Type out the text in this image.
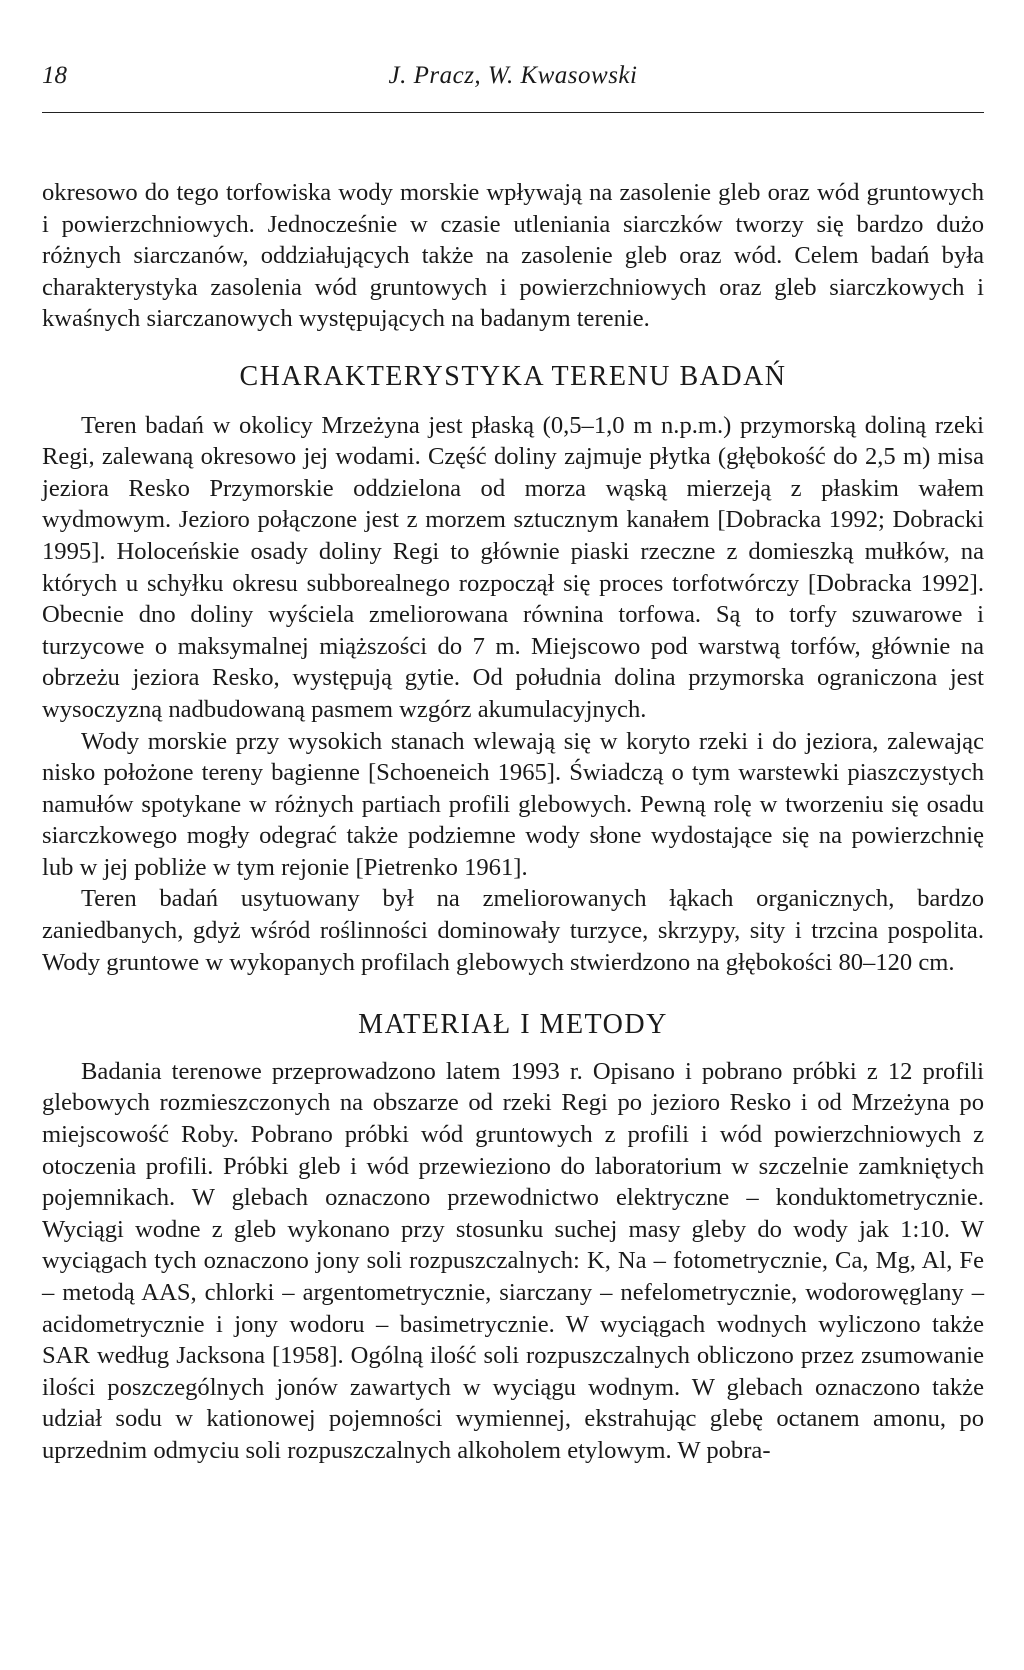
18	J. Pracz, W. Kwasowski

okresowo do tego torfowiska wody morskie wpływają na zasolenie gleb oraz wód gruntowych i powierzchniowych. Jednocześnie w czasie utleniania siarczków tworzy się bardzo dużo różnych siarczanów, oddziałujących także na zasolenie gleb oraz wód. Celem badań była charakterystyka zasolenia wód gruntowych i powierzchniowych oraz gleb siarczkowych i kwaśnych siarczanowych występujących na badanym terenie.

CHARAKTERYSTYKA TERENU BADAŃ

Teren badań w okolicy Mrzeżyna jest płaską (0,5–1,0 m n.p.m.) przymorską doliną rzeki Regi, zalewaną okresowo jej wodami. Część doliny zajmuje płytka (głębokość do 2,5 m) misa jeziora Resko Przymorskie oddzielona od morza wąską mierzeją z płaskim wałem wydmowym. Jezioro połączone jest z morzem sztucznym kanałem [Dobracka 1992; Dobracki 1995]. Holoceńskie osady doliny Regi to głównie piaski rzeczne z domieszką mułków, na których u schyłku okresu subborealnego rozpoczął się proces torfotwórczy [Dobracka 1992]. Obecnie dno doliny wyściela zmeliorowana równina torfowa. Są to torfy szuwarowe i turzycowe o maksymalnej miąższości do 7 m. Miejscowo pod warstwą torfów, głównie na obrzeżu jeziora Resko, występują gytie. Od południa dolina przymorska ograniczona jest wysoczyzną nadbudowaną pasmem wzgórz akumulacyjnych.

Wody morskie przy wysokich stanach wlewają się w koryto rzeki i do jeziora, zalewając nisko położone tereny bagienne [Schoeneich 1965]. Świadczą o tym warstewki piaszczystych namułów spotykane w różnych partiach profili glebowych. Pewną rolę w tworzeniu się osadu siarczkowego mogły odegrać także podziemne wody słone wydostające się na powierzchnię lub w jej pobliże w tym rejonie [Pietrenko 1961].

Teren badań usytuowany był na zmeliorowanych łąkach organicznych, bardzo zaniedbanych, gdyż wśród roślinności dominowały turzyce, skrzypy, sity i trzcina pospolita. Wody gruntowe w wykopanych profilach glebowych stwierdzono na głębokości 80–120 cm.

MATERIAŁ I METODY

Badania terenowe przeprowadzono latem 1993 r. Opisano i pobrano próbki z 12 profili glebowych rozmieszczonych na obszarze od rzeki Regi po jezioro Resko i od Mrzeżyna po miejscowość Roby. Pobrano próbki wód gruntowych z profili i wód powierzchniowych z otoczenia profili. Próbki gleb i wód przewieziono do laboratorium w szczelnie zamkniętych pojemnikach. W glebach oznaczono przewodnictwo elektryczne – konduktometrycznie. Wyciągi wodne z gleb wykonano przy stosunku suchej masy gleby do wody jak 1:10. W wyciągach tych oznaczono jony soli rozpuszczalnych: K, Na – fotometrycznie, Ca, Mg, Al, Fe – metodą AAS, chlorki – argentometrycznie, siarczany – nefelometrycznie, wodorowęglany – acidometrycznie i jony wodoru – basimetrycznie. W wyciągach wodnych wyliczono także SAR według Jacksona [1958]. Ogólną ilość soli rozpuszczalnych obliczono przez zsumowanie ilości poszczególnych jonów zawartych w wyciągu wodnym. W glebach oznaczono także udział sodu w kationowej pojemności wymiennej, ekstrahując glebę octanem amonu, po uprzednim odmyciu soli rozpuszczalnych alkoholem etylowym. W pobra-
